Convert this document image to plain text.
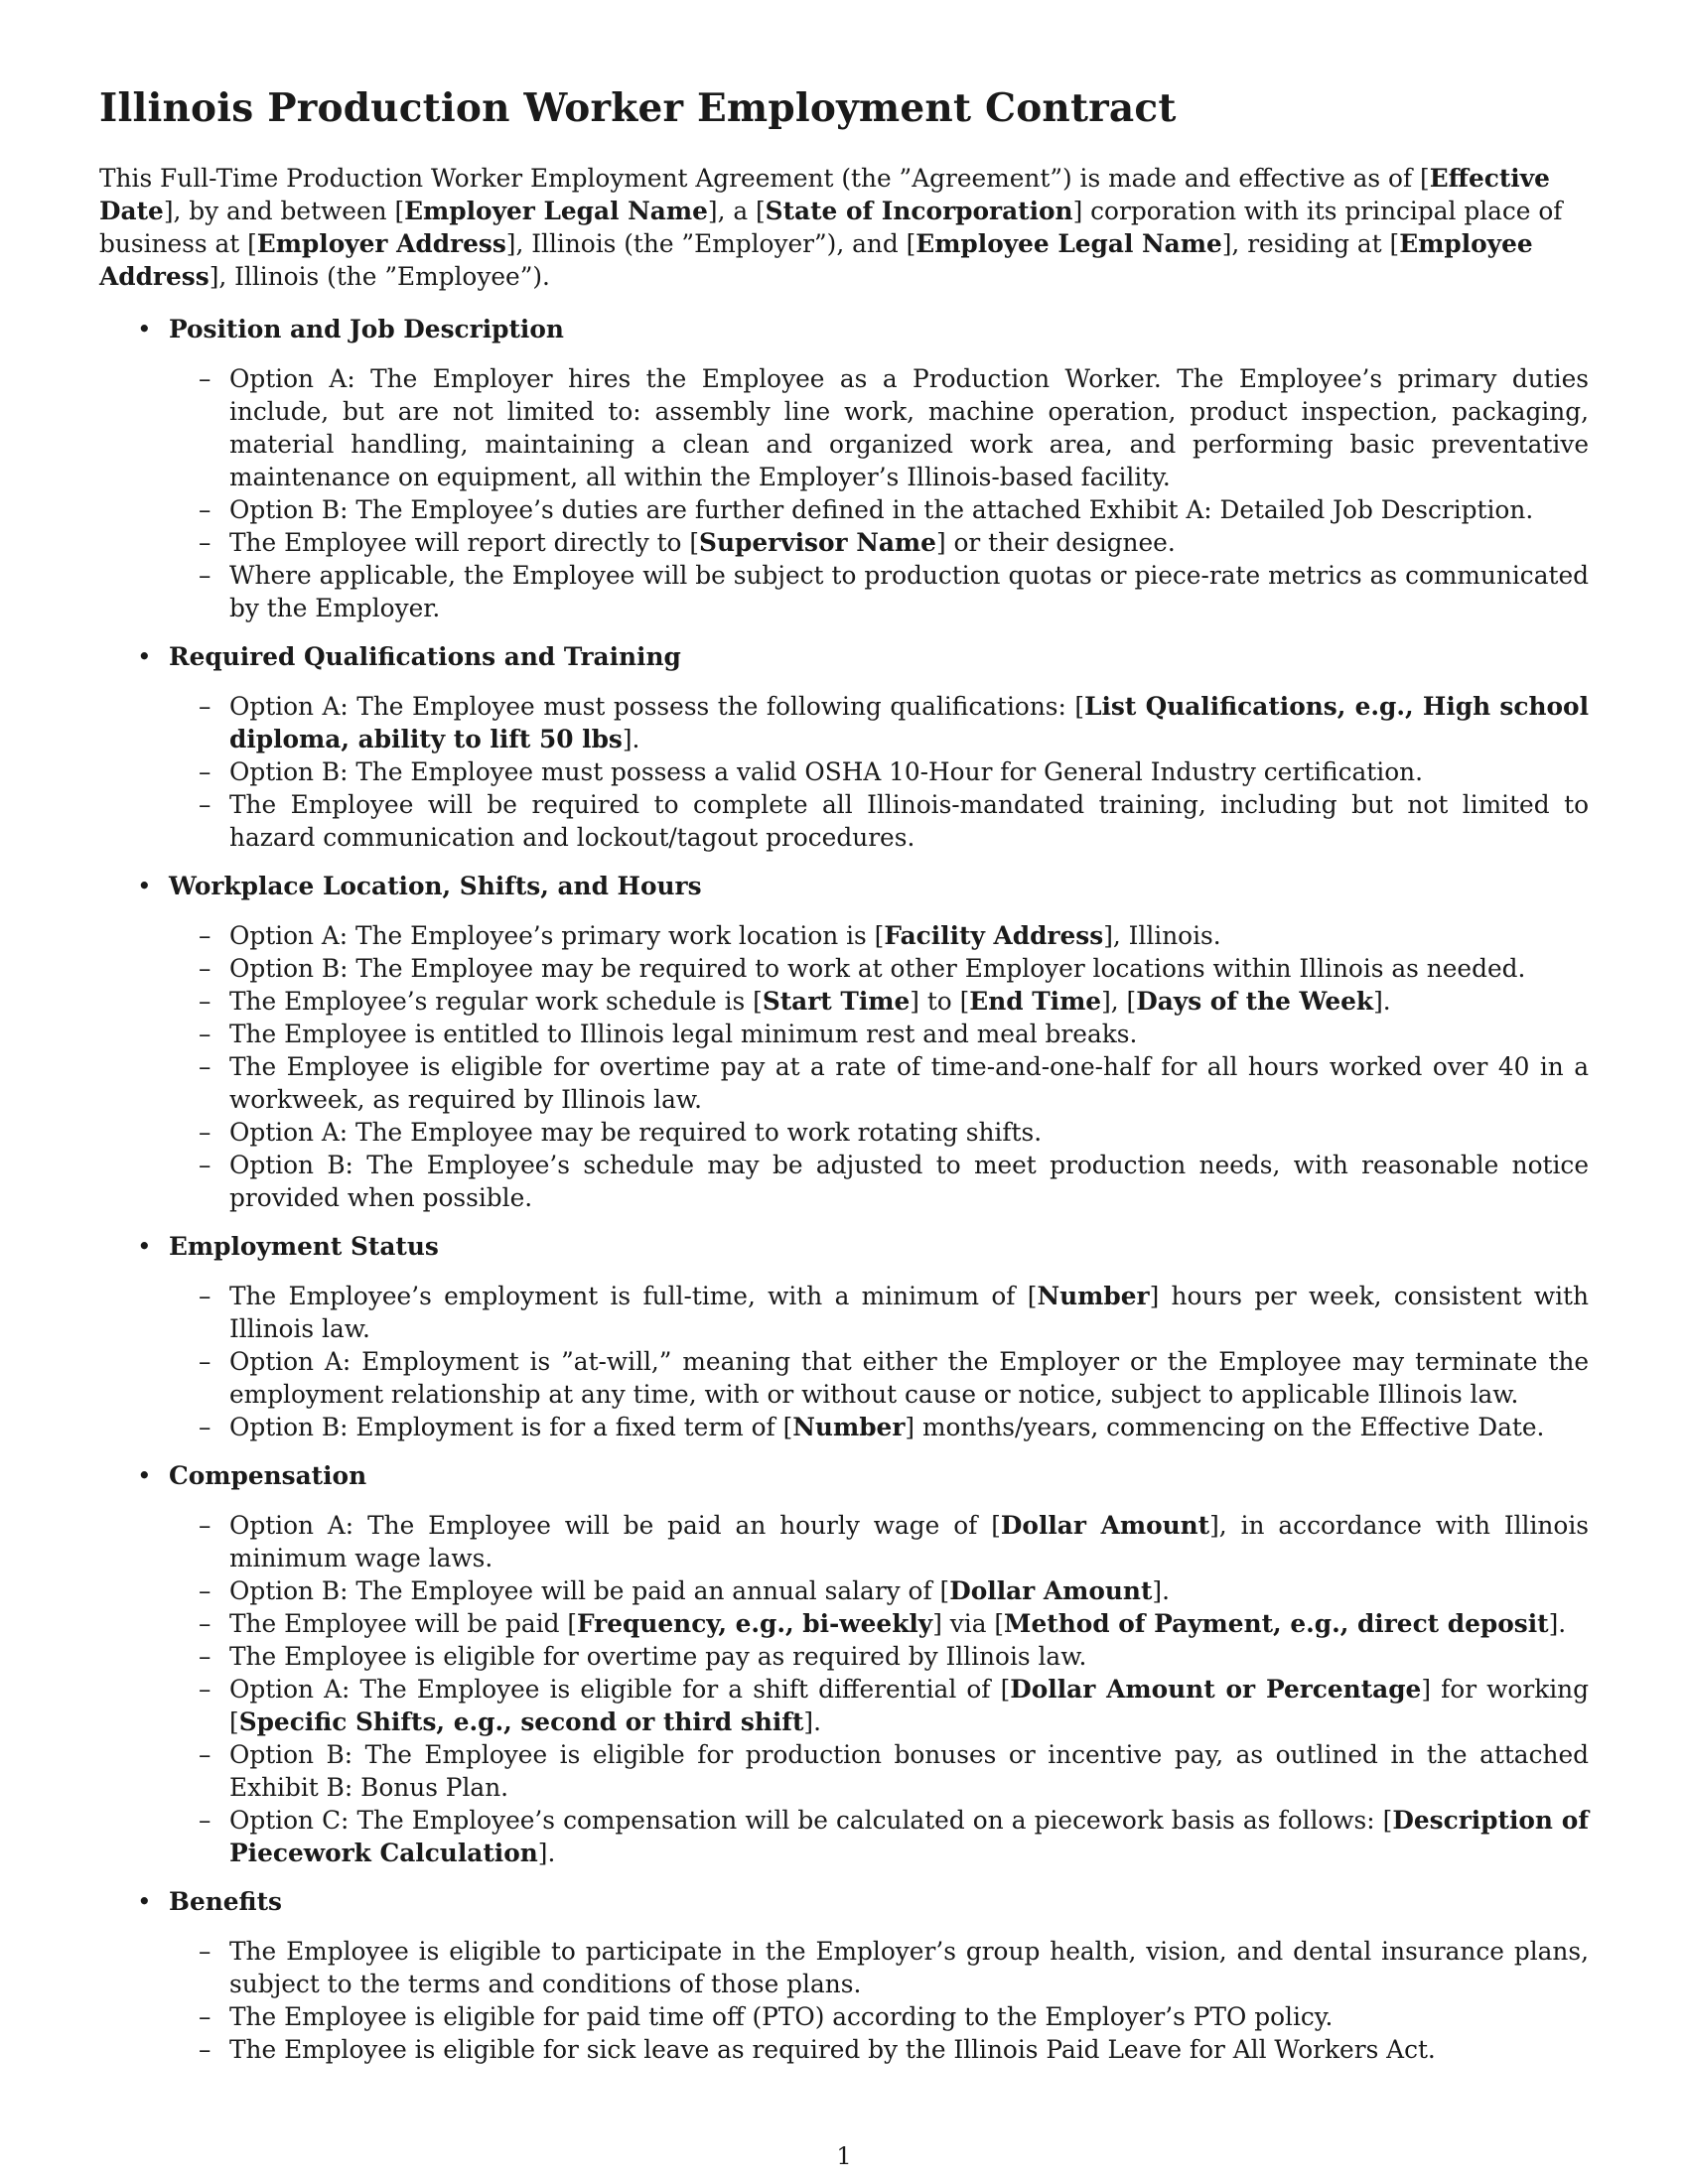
Illinois Production Worker Employment Contract

This Full-Time Production Worker Employment Agreement (the ”Agreement”) is made and effective as of [Effective Date], by and between [Employer Legal Name], a [State of Incorporation] corporation with its principal place of business at [Employer Address], Illinois (the ”Employer”), and [Employee Legal Name], residing at [Employee Address], Illinois (the ”Employee”).

• Position and Job Description
– Option A: The Employer hires the Employee as a Production Worker. The Employee’s primary duties include, but are not limited to: assembly line work, machine operation, product inspection, packaging, material handling, maintaining a clean and organized work area, and performing basic preventative maintenance on equipment, all within the Employer’s Illinois-based facility.
– Option B: The Employee’s duties are further defined in the attached Exhibit A: Detailed Job Description.
– The Employee will report directly to [Supervisor Name] or their designee.
– Where applicable, the Employee will be subject to production quotas or piece-rate metrics as communicated by the Employer.
• Required Qualifications and Training
– Option A: The Employee must possess the following qualifications: [List Qualifications, e.g., High school diploma, ability to lift 50 lbs].
– Option B: The Employee must possess a valid OSHA 10-Hour for General Industry certification.
– The Employee will be required to complete all Illinois-mandated training, including but not limited to hazard communication and lockout/tagout procedures.
• Workplace Location, Shifts, and Hours
– Option A: The Employee’s primary work location is [Facility Address], Illinois.
– Option B: The Employee may be required to work at other Employer locations within Illinois as needed.
– The Employee’s regular work schedule is [Start Time] to [End Time], [Days of the Week].
– The Employee is entitled to Illinois legal minimum rest and meal breaks.
– The Employee is eligible for overtime pay at a rate of time-and-one-half for all hours worked over 40 in a workweek, as required by Illinois law.
– Option A: The Employee may be required to work rotating shifts.
– Option B: The Employee’s schedule may be adjusted to meet production needs, with reasonable notice provided when possible.
• Employment Status
– The Employee’s employment is full-time, with a minimum of [Number] hours per week, consistent with Illinois law.
– Option A: Employment is ”at-will,” meaning that either the Employer or the Employee may terminate the employment relationship at any time, with or without cause or notice, subject to applicable Illinois law.
– Option B: Employment is for a fixed term of [Number] months/years, commencing on the Effective Date.
• Compensation
– Option A: The Employee will be paid an hourly wage of [Dollar Amount], in accordance with Illinois minimum wage laws.
– Option B: The Employee will be paid an annual salary of [Dollar Amount].
– The Employee will be paid [Frequency, e.g., bi-weekly] via [Method of Payment, e.g., direct deposit].
– The Employee is eligible for overtime pay as required by Illinois law.
– Option A: The Employee is eligible for a shift differential of [Dollar Amount or Percentage] for working [Specific Shifts, e.g., second or third shift].
– Option B: The Employee is eligible for production bonuses or incentive pay, as outlined in the attached Exhibit B: Bonus Plan.
– Option C: The Employee’s compensation will be calculated on a piecework basis as follows: [Description of Piecework Calculation].
• Benefits
– The Employee is eligible to participate in the Employer’s group health, vision, and dental insurance plans, subject to the terms and conditions of those plans.
– The Employee is eligible for paid time off (PTO) according to the Employer’s PTO policy.
– The Employee is eligible for sick leave as required by the Illinois Paid Leave for All Workers Act.
1
